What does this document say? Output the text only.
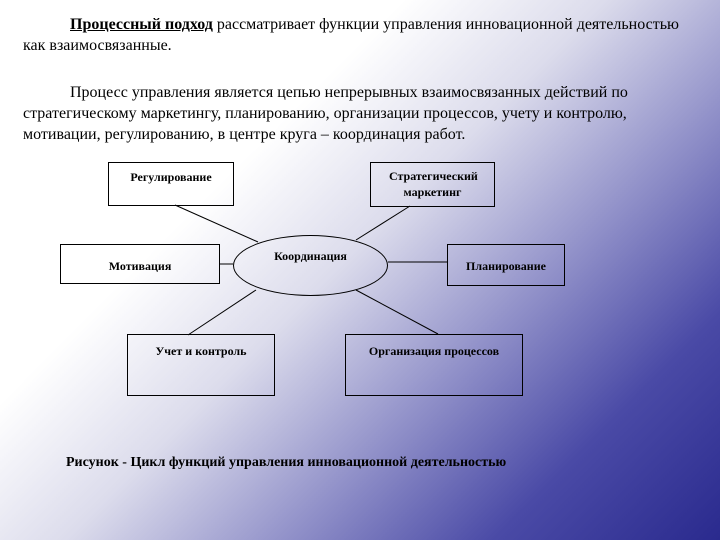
Процессный подход рассматривает функции управления инновационной деятельностью как взаимосвязанные.
Процесс управления является цепью непрерывных взаимосвязанных действий по стратегическому маркетингу, планированию, организации процессов, учету и контролю, мотивации, регулированию, в центре круга – координация работ.
Регулирование	Стратегический маркетинг
Координация
Мотивация	Планирование
Учет и контроль	Организация процессов
Рисунок - Цикл функций управления инновационной деятельностью
